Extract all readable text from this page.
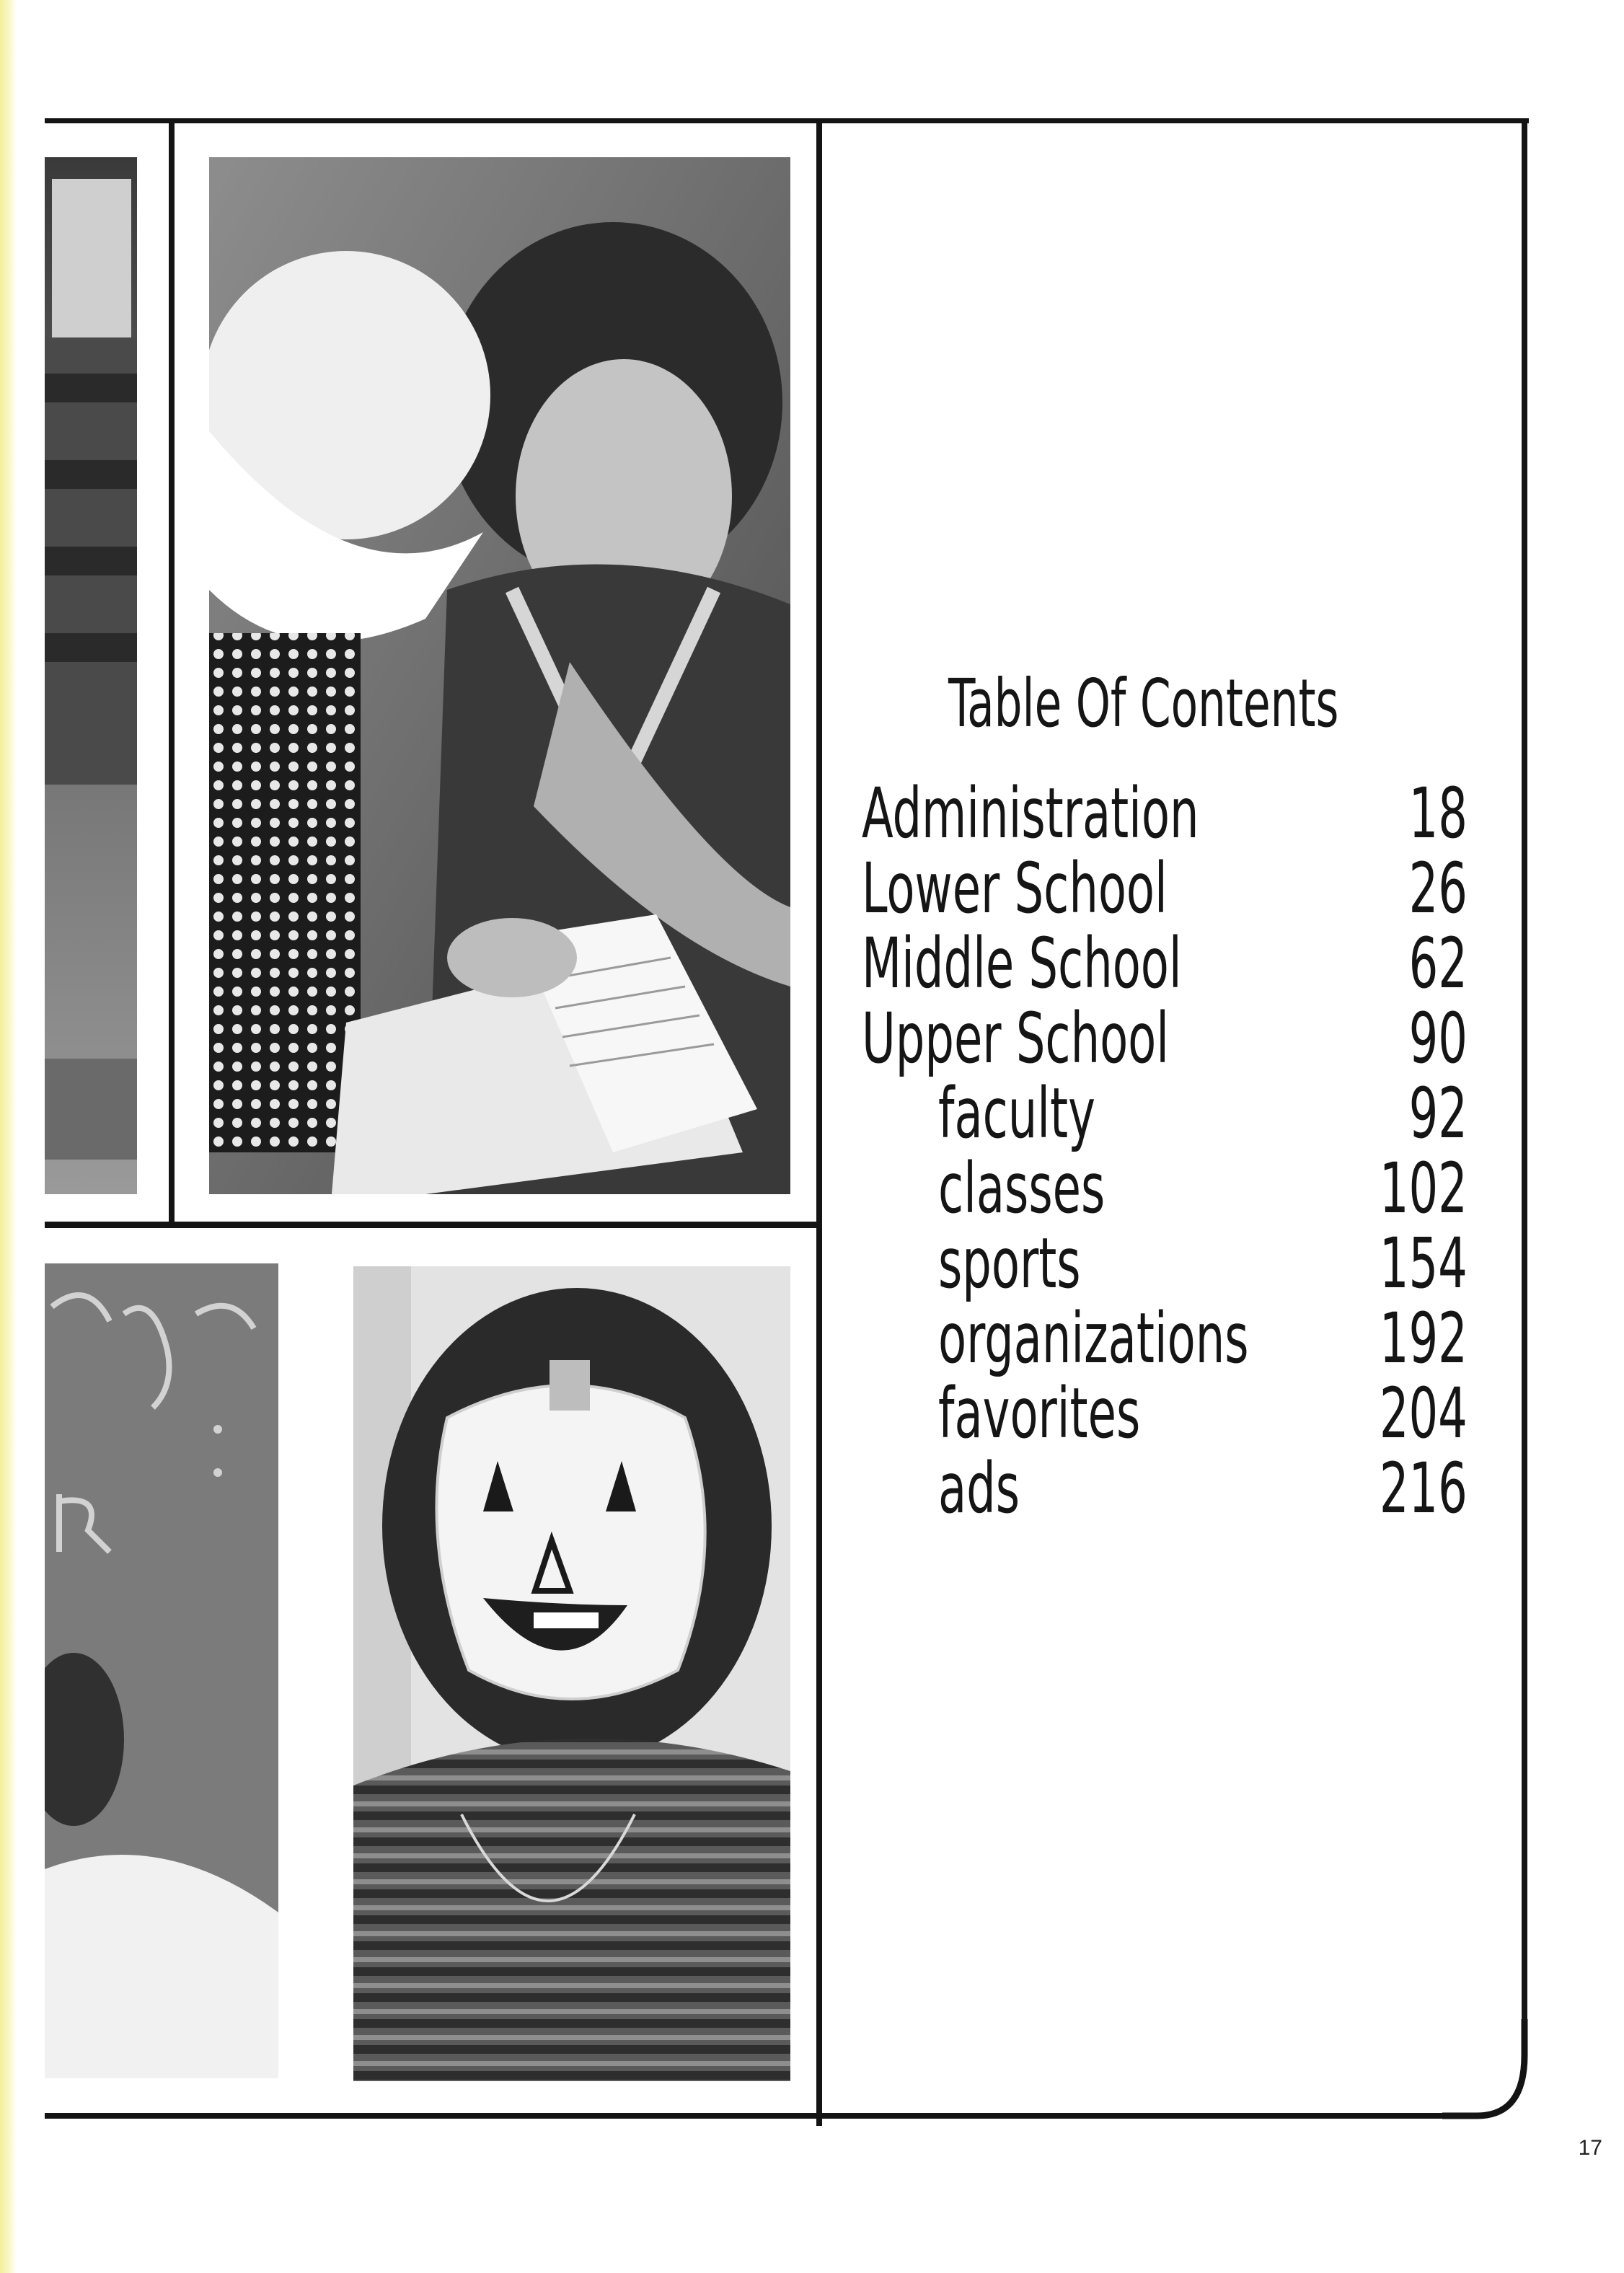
Table Of Contents
Administration	18
Lower School	26
Middle School	62
Upper School	90
faculty	92
classes	102
sports	154
organizations 192
favorites	204
ads	216
17
